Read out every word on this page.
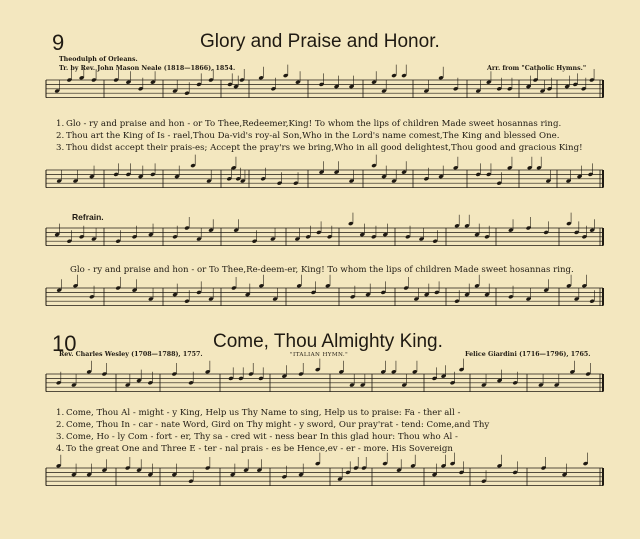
9	Glory and Praise and Honor.
Theodulph of Orleans.
Tr. by Rev. John Mason Neale (1818—1866), 1854.	Arr. from "Catholic Hymns."
1. Glo - ry and praise and hon - or To Thee,Redeemer,King! To whom the lips of children Made sweet hosannas ring.
2. Thou art the King of Is - rael,Thou Da-vid's roy-al Son,Who in the Lord's name comest,The King and blessed One.
3. Thou didst accept their prais-es; Accept the pray'rs we bring,Who in all good delightest,Thou good and gracious King!
Refrain.
Glo - ry and praise and hon - or To Thee,Re-deem-er, King! To whom the lips of children Made sweet hosannas ring.
10	Come, Thou Almighty King.
Rev. Charles Wesley (1708—1788), 1757.	"ITALIAN HYMN."	Felice Giardini (1716—1796), 1765.
1. Come, Thou Al - might - y King, Help us Thy Name to sing, Help us to praise: Fa - ther all -
2. Come, Thou In - car - nate Word, Gird on Thy might - y sword, Our pray'rat - tend: Come,and Thy
3. Come, Ho - ly Com - fort - er, Thy sa - cred wit - ness bear In this glad hour: Thou who Al -
4. To the great One and Three E - ter - nal prais - es be Hence,ev - er - more. His Sovereign
